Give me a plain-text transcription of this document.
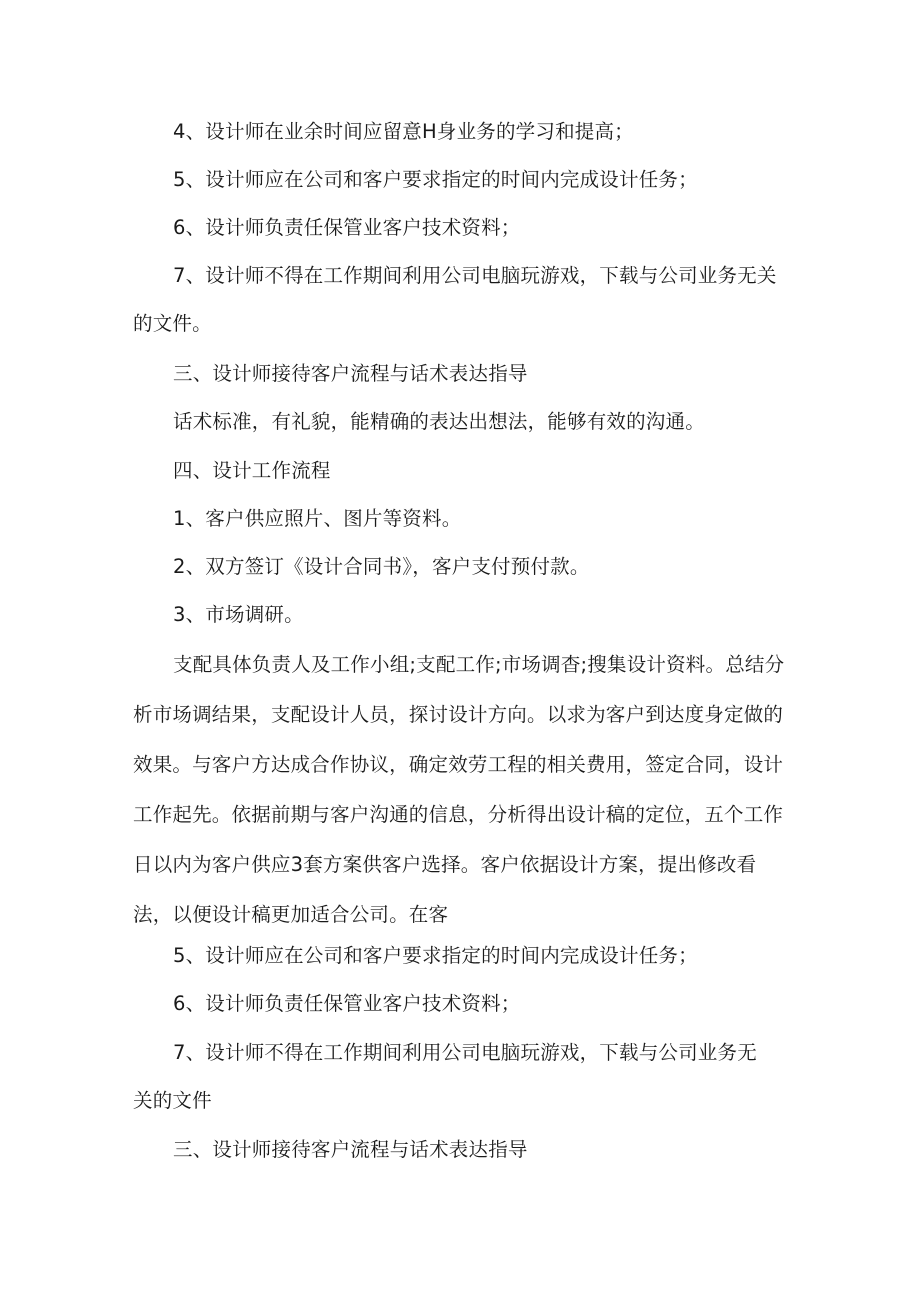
4、设计师在业余时间应留意H身业务的学习和提高；

5、设计师应在公司和客户要求指定的时间内完成设计任务；

6、设计师负责任保管业客户技术资料；

7、设计师不得在工作期间利用公司电脑玩游戏，下载与公司业务无关的文件。

三、设计师接待客户流程与话术表达指导

话术标准，有礼貌，能精确的表达出想法，能够有效的沟通。

四、设计工作流程

1、客户供应照片、图片等资料。

2、双方签订《设计合同书》，客户支付预付款。

3、市场调研。

支配具体负责人及工作小组;支配工作;市场调杳;搜集设计资料。总结分析市场调结果，支配设计人员，探讨设计方向。以求为客户到达度身定做的效果。与客户方达成合作协议，确定效劳工程的相关费用，签定合同，设计工作起先。依据前期与客户沟通的信息，分析得出设计稿的定位，五个工作日以内为客户供应3套方案供客户选择。客户依据设计方案，提出修改看法，以便设计稿更加适合公司。在客

5、设计师应在公司和客户要求指定的时间内完成设计任务；

6、设计师负责任保管业客户技术资料；

7、设计师不得在工作期间利用公司电脑玩游戏，下载与公司业务无关的文件

三、设计师接待客户流程与话术表达指导
